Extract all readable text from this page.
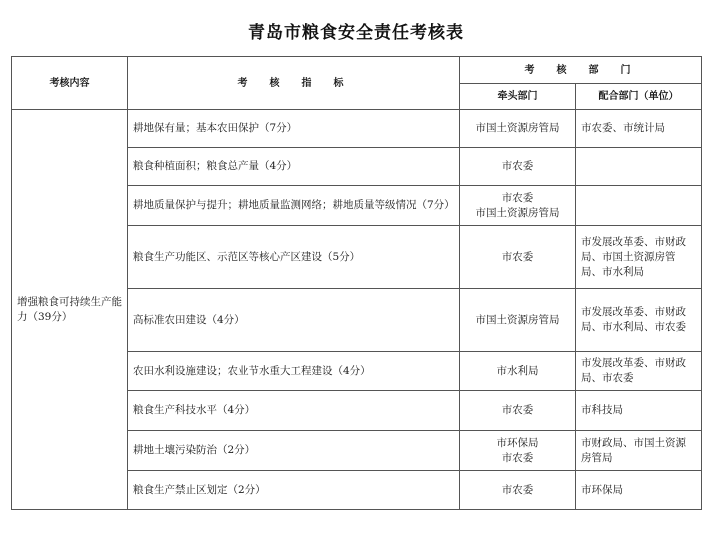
青岛市粮食安全责任考核表
考核内容	考　核　指　标	考　核　部　门	
		牵头部门	配合部门（单位）
增强粮食可持续生产能力（39分）	耕地保有量；基本农田保护（7分）	市国土资源房管局	市农委、市统计局
	粮食种植面积；粮食总产量（4分）	市农委	

	耕地质量保护与提升；耕地质量监测网络；耕地质量等级情况（7分）	市农委
市国土资源房管局	

	粮食生产功能区、示范区等核心产区建设（5分）	市农委	市发展改革委、市财政局、市国土资源房管局、市水利局
	高标准农田建设（4分）	市国土资源房管局	市发展改革委、市财政局、市水利局、市农委
	农田水利设施建设；农业节水重大工程建设（4分）	市水利局	市发展改革委、市财政局、市农委
	粮食生产科技水平（4分）	市农委	市科技局
	耕地土壤污染防治（2分）	市环保局
市农委	市财政局、市国土资源房管局
	粮食生产禁止区划定（2分）	市农委	市环保局
